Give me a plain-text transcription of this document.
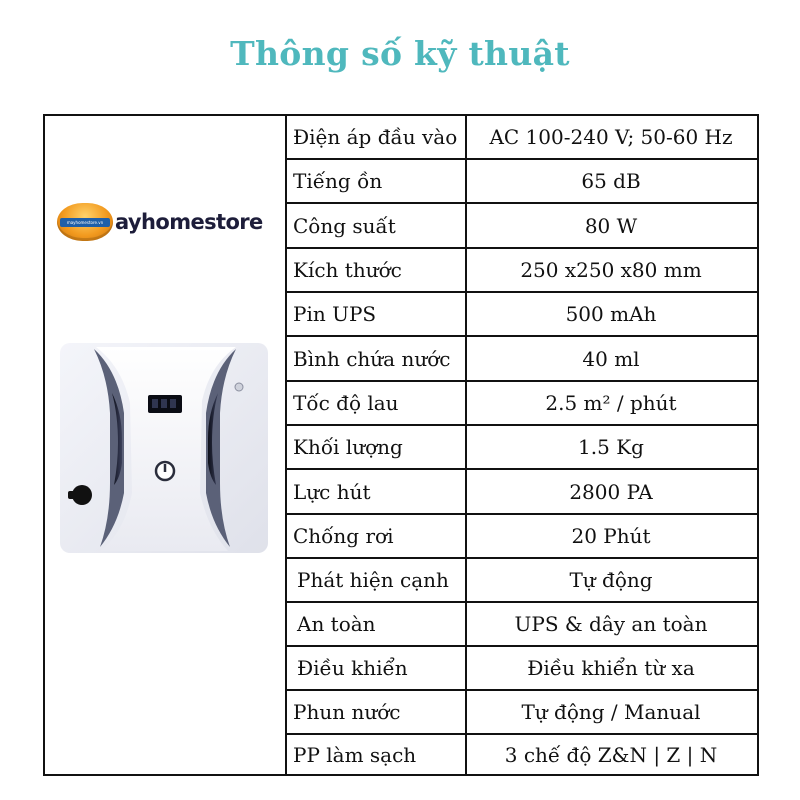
Thông số kỹ thuật
mayhomestore.vn ayhomestore
Điện áp đầu vào	AC 100-240 V; 50-60 Hz
Tiếng ồn	65 dB
Công suất	80 W
Kích thước	250 x250 x80 mm
Pin UPS	500 mAh
Bình chứa nước	40 ml
Tốc độ lau	2.5 m² / phút
Khối lượng	1.5 Kg
Lực hút	2800 PA
Chống rơi	20 Phút
Phát hiện cạnh	Tự động
An toàn	UPS & dây an toàn
Điều khiển	Điều khiển từ xa
Phun nước	Tự động / Manual
PP làm sạch	3 chế độ Z&N | Z | N
